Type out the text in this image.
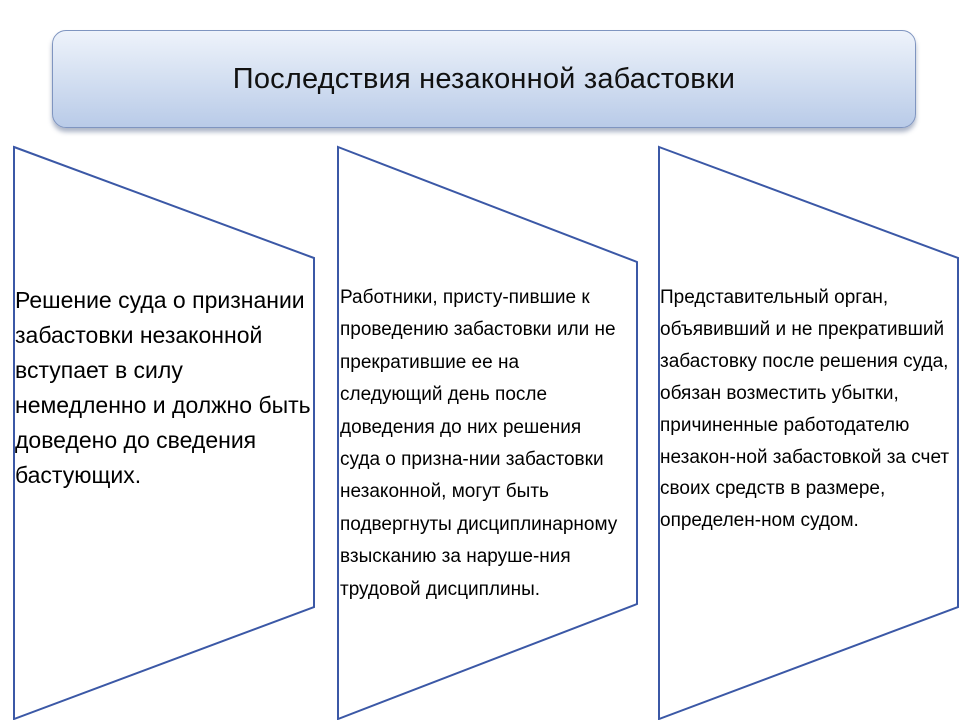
Последствия незаконной забастовки
Решение суда о признании забастовки незаконной вступает в силу немедленно и должно быть доведено до сведения бастующих.
Работники, присту-пившие к проведению забастовки или не прекратившие ее на следующий день после доведения до них решения суда о призна-нии забастовки незаконной, могут быть подвергнуты дисциплинарному взысканию за наруше-ния трудовой дисциплины.
Представительный орган, объявивший и не прекративший забастовку после решения суда, обязан возместить убытки, причиненные работодателю незакон-ной забастовкой за счет своих средств в размере, определен-ном судом.
